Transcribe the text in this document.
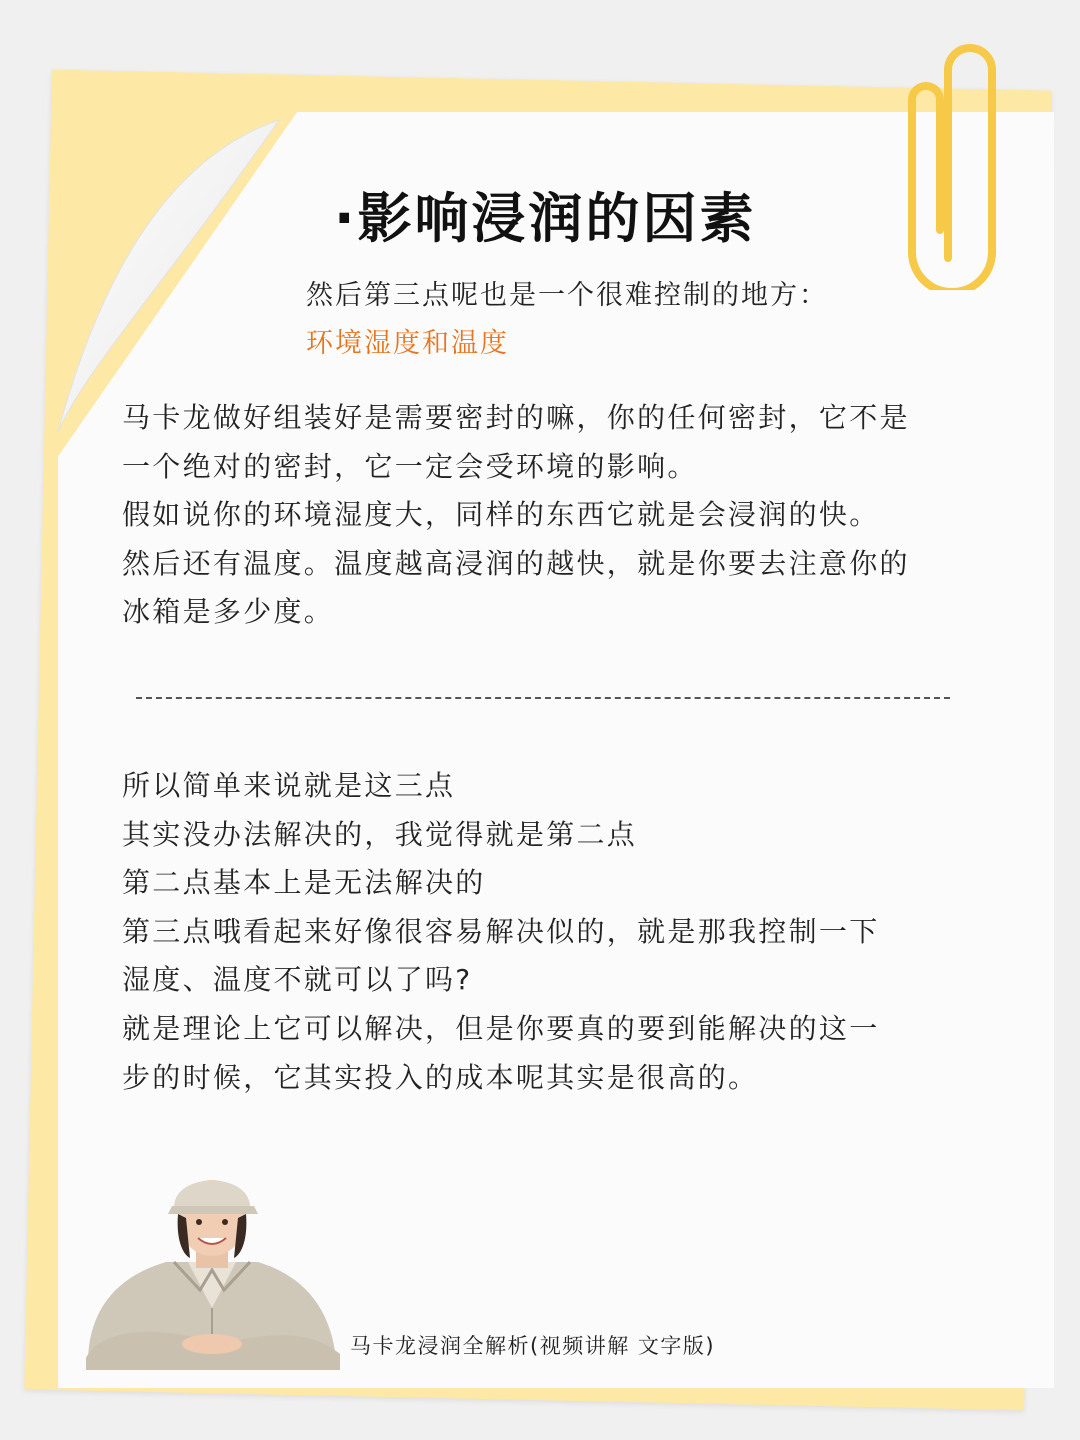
·影响浸润的因素
然后第三点呢也是一个很难控制的地方：
环境湿度和温度
马卡龙做好组装好是需要密封的嘛，你的任何密封，它不是
一个绝对的密封，它一定会受环境的影响。
假如说你的环境湿度大，同样的东西它就是会浸润的快。
然后还有温度。温度越高浸润的越快，就是你要去注意你的
冰箱是多少度。
所以简单来说就是这三点
其实没办法解决的，我觉得就是第二点
第二点基本上是无法解决的
第三点哦看起来好像很容易解决似的，就是那我控制一下
湿度、温度不就可以了吗?
就是理论上它可以解决，但是你要真的要到能解决的这一
步的时候，它其实投入的成本呢其实是很高的。
马卡龙浸润全解析(视频讲解 文字版)
